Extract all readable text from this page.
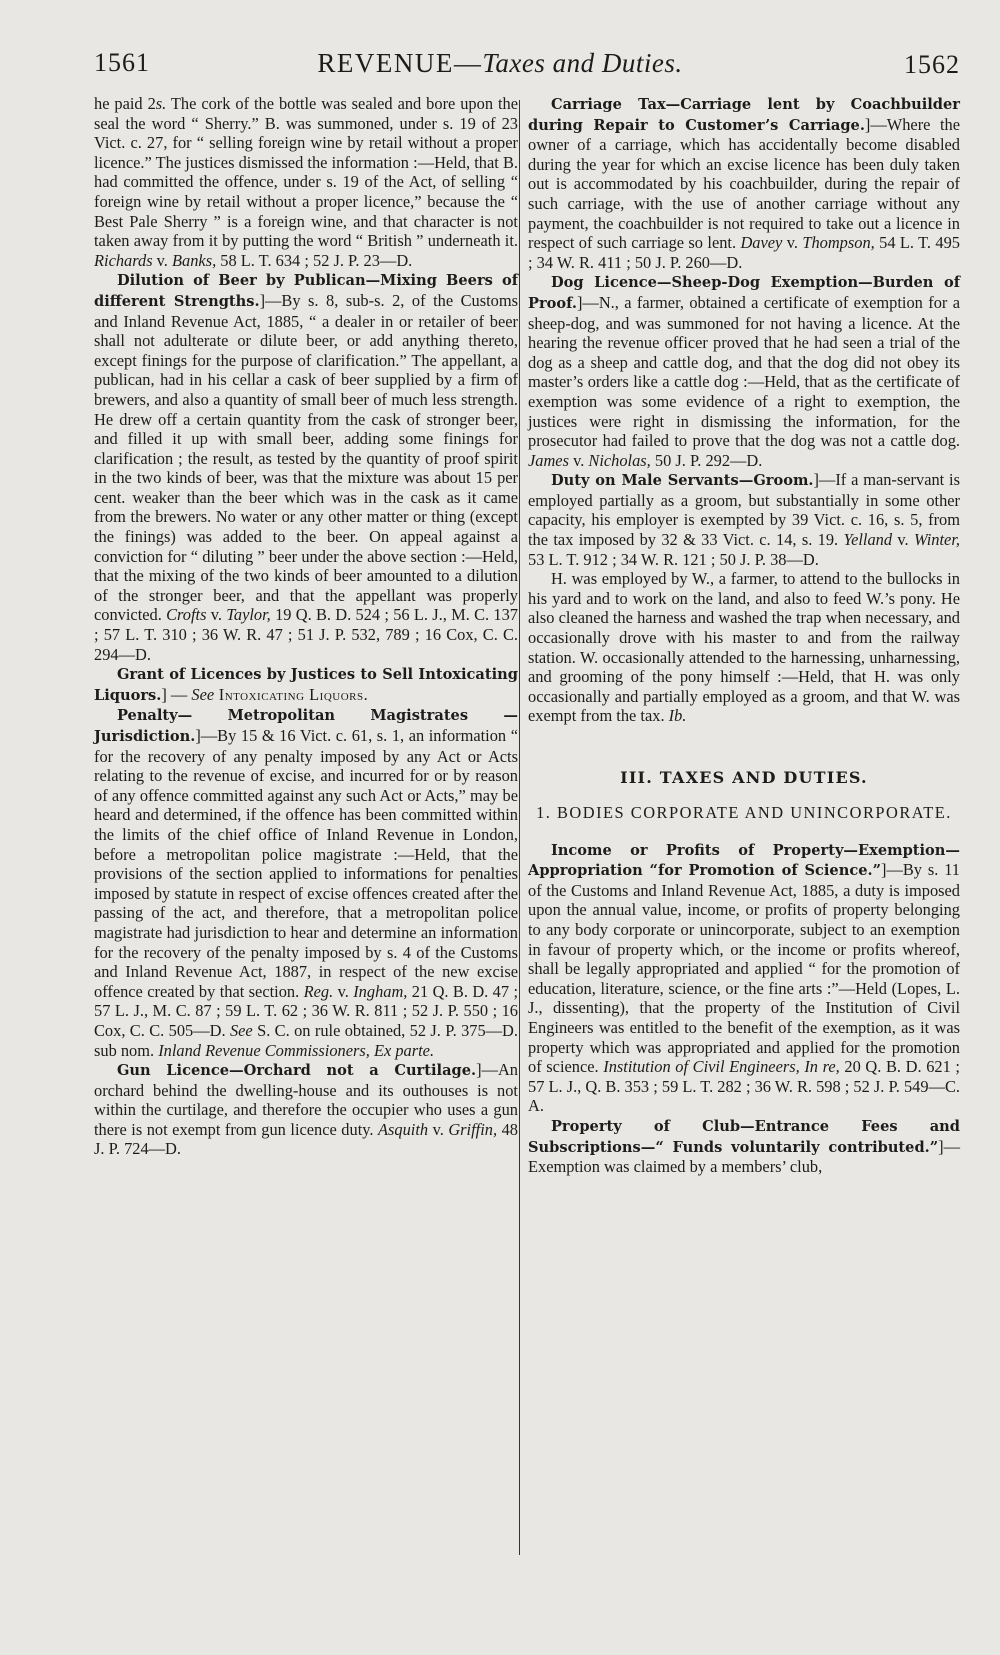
1561	REVENUE—Taxes and Duties.	1562

he paid 2s. The cork of the bottle was sealed and bore upon the seal the word “ Sherry.” B. was summoned, under s. 19 of 23 Vict. c. 27, for “ selling foreign wine by retail without a proper licence.” The justices dismissed the information :—Held, that B. had committed the offence, under s. 19 of the Act, of selling “ foreign wine by retail without a proper licence,” because the “ Best Pale Sherry ” is a foreign wine, and that character is not taken away from it by putting the word “ British ” underneath it. Richards v. Banks, 58 L. T. 634 ; 52 J. P. 23—D.

Dilution of Beer by Publican—Mixing Beers of different Strengths.]—By s. 8, sub-s. 2, of the Customs and Inland Revenue Act, 1885, “ a dealer in or retailer of beer shall not adulterate or dilute beer, or add anything thereto, except finings for the purpose of clarification.” The appellant, a publican, had in his cellar a cask of beer supplied by a firm of brewers, and also a quantity of small beer of much less strength. He drew off a certain quantity from the cask of stronger beer, and filled it up with small beer, adding some finings for clarification ; the result, as tested by the quantity of proof spirit in the two kinds of beer, was that the mixture was about 15 per cent. weaker than the beer which was in the cask as it came from the brewers. No water or any other matter or thing (except the finings) was added to the beer. On appeal against a conviction for “ diluting ” beer under the above section :—Held, that the mixing of the two kinds of beer amounted to a dilution of the stronger beer, and that the appellant was properly convicted. Crofts v. Taylor, 19 Q. B. D. 524 ; 56 L. J., M. C. 137 ; 57 L. T. 310 ; 36 W. R. 47 ; 51 J. P. 532, 789 ; 16 Cox, C. C. 294—D.

Grant of Licences by Justices to Sell Intoxicating Liquors.] — See Intoxicating Liquors.

Penalty— Metropolitan Magistrates —Jurisdiction.]—By 15 & 16 Vict. c. 61, s. 1, an information “ for the recovery of any penalty imposed by any Act or Acts relating to the revenue of excise, and incurred for or by reason of any offence committed against any such Act or Acts,” may be heard and determined, if the offence has been committed within the limits of the chief office of Inland Revenue in London, before a metropolitan police magistrate :—Held, that the provisions of the section applied to informations for penalties imposed by statute in respect of excise offences created after the passing of the act, and therefore, that a metropolitan police magistrate had jurisdiction to hear and determine an information for the recovery of the penalty imposed by s. 4 of the Customs and Inland Revenue Act, 1887, in respect of the new excise offence created by that section. Reg. v. Ingham, 21 Q. B. D. 47 ; 57 L. J., M. C. 87 ; 59 L. T. 62 ; 36 W. R. 811 ; 52 J. P. 550 ; 16 Cox, C. C. 505—D. See S. C. on rule obtained, 52 J. P. 375—D. sub nom. Inland Revenue Commissioners, Ex parte.

Gun Licence—Orchard not a Curtilage.]—An orchard behind the dwelling-house and its outhouses is not within the curtilage, and therefore the occupier who uses a gun there is not exempt from gun licence duty. Asquith v. Griffin, 48 J. P. 724—D.

Carriage Tax—Carriage lent by Coachbuilder during Repair to Customer’s Carriage.]—Where the owner of a carriage, which has accidentally become disabled during the year for which an excise licence has been duly taken out is accommodated by his coachbuilder, during the repair of such carriage, with the use of another carriage without any payment, the coachbuilder is not required to take out a licence in respect of such carriage so lent. Davey v. Thompson, 54 L. T. 495 ; 34 W. R. 411 ; 50 J. P. 260—D.

Dog Licence—Sheep-Dog Exemption—Burden of Proof.]—N., a farmer, obtained a certificate of exemption for a sheep-dog, and was summoned for not having a licence. At the hearing the revenue officer proved that he had seen a trial of the dog as a sheep and cattle dog, and that the dog did not obey its master’s orders like a cattle dog :—Held, that as the certificate of exemption was some evidence of a right to exemption, the justices were right in dismissing the information, for the prosecutor had failed to prove that the dog was not a cattle dog. James v. Nicholas, 50 J. P. 292—D.

Duty on Male Servants—Groom.]—If a man-servant is employed partially as a groom, but substantially in some other capacity, his employer is exempted by 39 Vict. c. 16, s. 5, from the tax imposed by 32 & 33 Vict. c. 14, s. 19. Yelland v. Winter, 53 L. T. 912 ; 34 W. R. 121 ; 50 J. P. 38—D.

H. was employed by W., a farmer, to attend to the bullocks in his yard and to work on the land, and also to feed W.’s pony. He also cleaned the harness and washed the trap when necessary, and occasionally drove with his master to and from the railway station. W. occasionally attended to the harnessing, unharnessing, and grooming of the pony himself :—Held, that H. was only occasionally and partially employed as a groom, and that W. was exempt from the tax. Ib.

III. TAXES AND DUTIES.
1. BODIES CORPORATE AND UNINCORPORATE.

Income or Profits of Property—Exemption—Appropriation “for Promotion of Science.”]—By s. 11 of the Customs and Inland Revenue Act, 1885, a duty is imposed upon the annual value, income, or profits of property belonging to any body corporate or unincorporate, subject to an exemption in favour of property which, or the income or profits whereof, shall be legally appropriated and applied “ for the promotion of education, literature, science, or the fine arts :”—Held (Lopes, L. J., dissenting), that the property of the Institution of Civil Engineers was entitled to the benefit of the exemption, as it was property which was appropriated and applied for the promotion of science. Institution of Civil Engineers, In re, 20 Q. B. D. 621 ; 57 L. J., Q. B. 353 ; 59 L. T. 282 ; 36 W. R. 598 ; 52 J. P. 549—C. A.

Property of Club—Entrance Fees and Subscriptions—“ Funds voluntarily contributed.”]—Exemption was claimed by a members’ club,
